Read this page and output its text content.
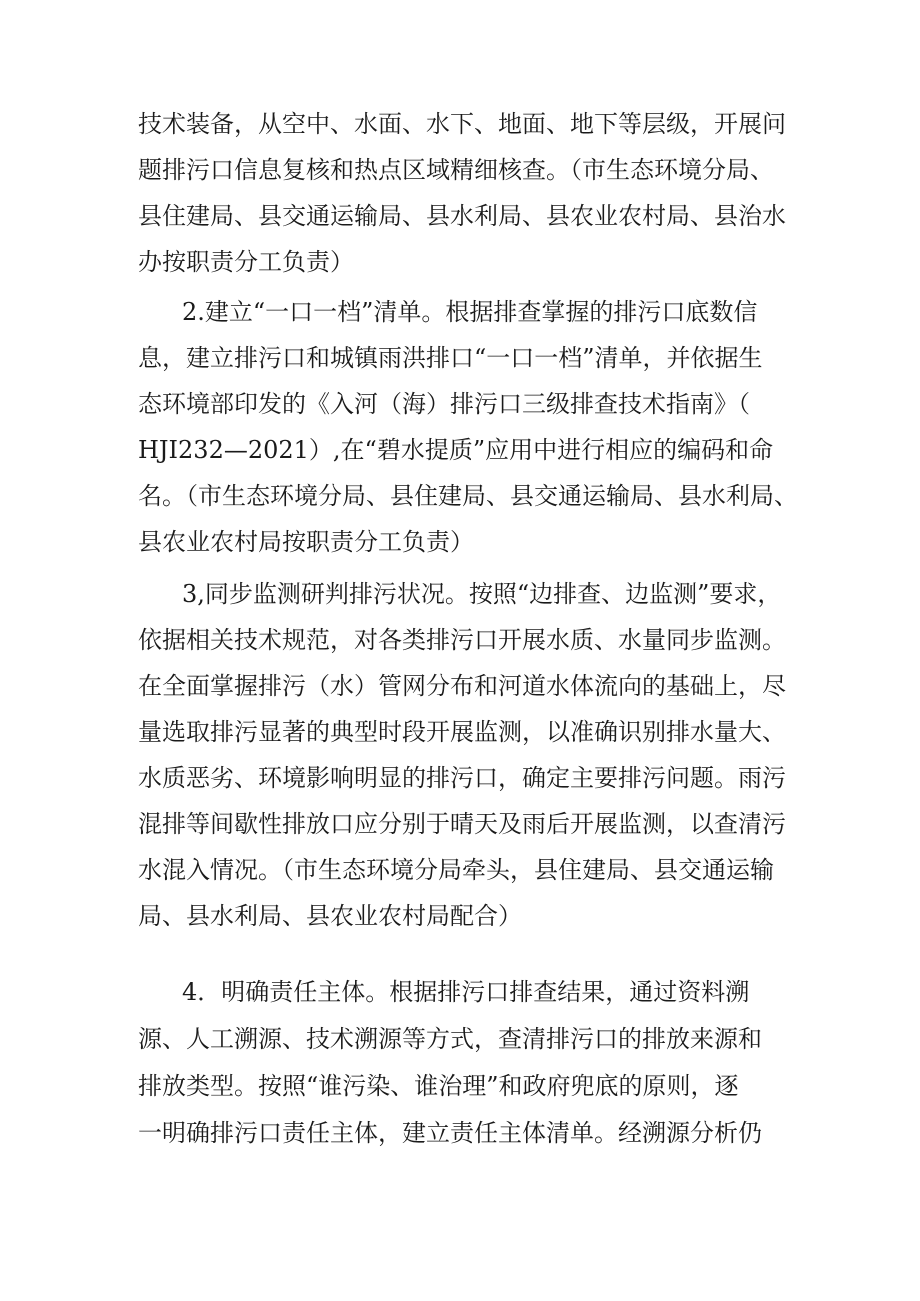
技术装备，从空中、水面、水下、地面、地下等层级，开展问
题排污口信息复核和热点区域精细核查。（市生态环境分局、
县住建局、县交通运输局、县水利局、县农业农村局、县治水
办按职责分工负责）
2.建立“一口一档”清单。根据排查掌握的排污口底数信
息，建立排污口和城镇雨洪排口“一口一档”清单，并依据生
态环境部印发的《入河（海）排污口三级排查技术指南》（
HJI232—2021）,在“碧水提质”应用中进行相应的编码和命
名。（市生态环境分局、县住建局、县交通运输局、县水利局、
县农业农村局按职责分工负责）
3,同步监测研判排污状况。按照“边排查、边监测”要求，
依据相关技术规范，对各类排污口开展水质、水量同步监测。
在全面掌握排污（水）管网分布和河道水体流向的基础上，尽
量选取排污显著的典型时段开展监测，以准确识别排水量大、
水质恶劣、环境影响明显的排污口，确定主要排污问题。雨污
混排等间歇性排放口应分别于晴天及雨后开展监测，以查清污
水混入情况。（市生态环境分局牵头，县住建局、县交通运输
局、县水利局、县农业农村局配合）
4．明确责任主体。根据排污口排查结果，通过资料溯
源、人工溯源、技术溯源等方式，查清排污口的排放来源和
排放类型。按照“谁污染、谁治理”和政府兜底的原则，逐
一明确排污口责任主体，建立责任主体清单。经溯源分析仍
